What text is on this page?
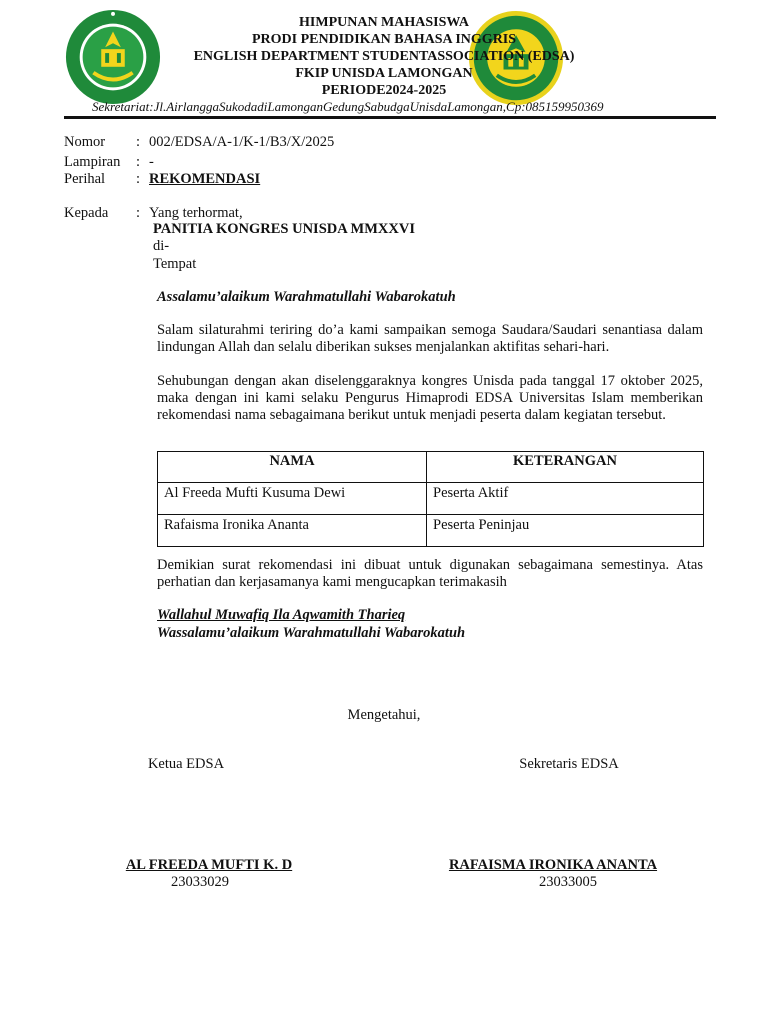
HIMPUNAN MAHASISWA
PRODI PENDIDIKAN BAHASA INGGRIS
ENGLISH DEPARTMENT STUDENTASSOCIATION (EDSA)
FKIP UNISDA LAMONGAN
PERIODE2024-2025
Sekretariat:Jl.AirlanggaSukodadiLamonganGedungSabudgaUnisdaLamongan,Cp:085159950369
Nomor : 002/EDSA/A-1/K-1/B3/X/2025
Lampiran : -
Perihal : REKOMENDASI
Kepada : Yang terhormat,
PANITIA KONGRES UNISDA MMXXVI
di-
Tempat
Assalamu’alaikum Warahmatullahi Wabarokatuh
Salam silaturahmi teriring do’a kami sampaikan semoga Saudara/Saudari senantiasa dalam lindungan Allah dan selalu diberikan sukses menjalankan aktifitas sehari-hari.
Sehubungan dengan akan diselenggaraknya kongres Unisda pada tanggal 17 oktober 2025, maka dengan ini kami selaku Pengurus Himaprodi EDSA Universitas Islam memberikan rekomendasi nama sebagaimana berikut untuk menjadi peserta dalam kegiatan tersebut.
NAMA	KETERANGAN
Al Freeda Mufti Kusuma Dewi	Peserta Aktif
Rafaisma Ironika Ananta	Peserta Peninjau
Demikian surat rekomendasi ini dibuat untuk digunakan sebagaimana semestinya. Atas perhatian dan kerjasamanya kami mengucapkan terimakasih
Wallahul Muwafiq Ila Aqwamith Tharieq
Wassalamu’alaikum Warahmatullahi Wabarokatuh
Mengetahui,
Ketua EDSA	Sekretaris EDSA
AL FREEDA MUFTI K. D
23033029
RAFAISMA IRONIKA ANANTA
23033005
